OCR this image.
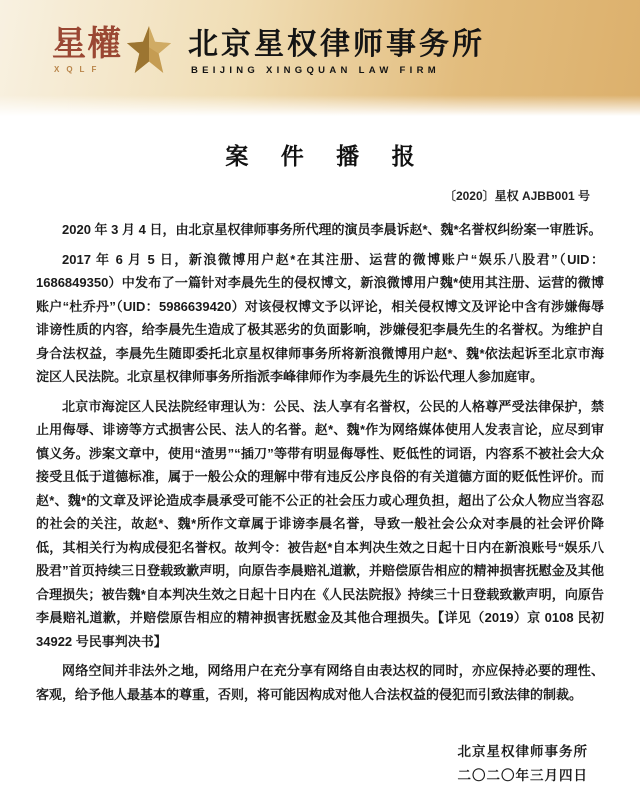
星權
XQLF
北京星权律师事务所
BEIJING XINGQUAN LAW FIRM
案 件 播 报
〔2020〕星权 AJBB001 号

2020 年 3 月 4 日，由北京星权律师事务所代理的演员李晨诉赵*、魏*名誉权纠纷案一审胜诉。

2017 年 6 月 5 日，新浪微博用户赵*在其注册、运营的微博账户“娱乐八股君”（UID：1686849350）中发布了一篇针对李晨先生的侵权博文，新浪微博用户魏*使用其注册、运营的微博账户“杜乔丹”（UID：5986639420）对该侵权博文予以评论，相关侵权博文及评论中含有涉嫌侮辱诽谤性质的内容，给李晨先生造成了极其恶劣的负面影响，涉嫌侵犯李晨先生的名誉权。为维护自身合法权益，李晨先生随即委托北京星权律师事务所将新浪微博用户赵*、魏*依法起诉至北京市海淀区人民法院。北京星权律师事务所指派李峰律师作为李晨先生的诉讼代理人参加庭审。

北京市海淀区人民法院经审理认为：公民、法人享有名誉权，公民的人格尊严受法律保护，禁止用侮辱、诽谤等方式损害公民、法人的名誉。赵*、魏*作为网络媒体使用人发表言论，应尽到审慎义务。涉案文章中，使用“渣男”“插刀”等带有明显侮辱性、贬低性的词语，内容系不被社会大众接受且低于道德标准，属于一般公众的理解中带有违反公序良俗的有关道德方面的贬低性评价。而赵*、魏*的文章及评论造成李晨承受可能不公正的社会压力或心理负担，超出了公众人物应当容忍的社会的关注，故赵*、魏*所作文章属于诽谤李晨名誉，导致一般社会公众对李晨的社会评价降低，其相关行为构成侵犯名誉权。故判令：被告赵*自本判决生效之日起十日内在新浪账号“娱乐八股君”首页持续三日登载致歉声明，向原告李晨赔礼道歉，并赔偿原告相应的精神损害抚慰金及其他合理损失；被告魏*自本判决生效之日起十日内在《人民法院报》持续三十日登载致歉声明，向原告李晨赔礼道歉，并赔偿原告相应的精神损害抚慰金及其他合理损失。【详见（2019）京 0108 民初 34922 号民事判决书】

网络空间并非法外之地，网络用户在充分享有网络自由表达权的同时，亦应保持必要的理性、客观，给予他人最基本的尊重，否则，将可能因构成对他人合法权益的侵犯而引致法律的制裁。

北京星权律师事务所
二〇二〇年三月四日
